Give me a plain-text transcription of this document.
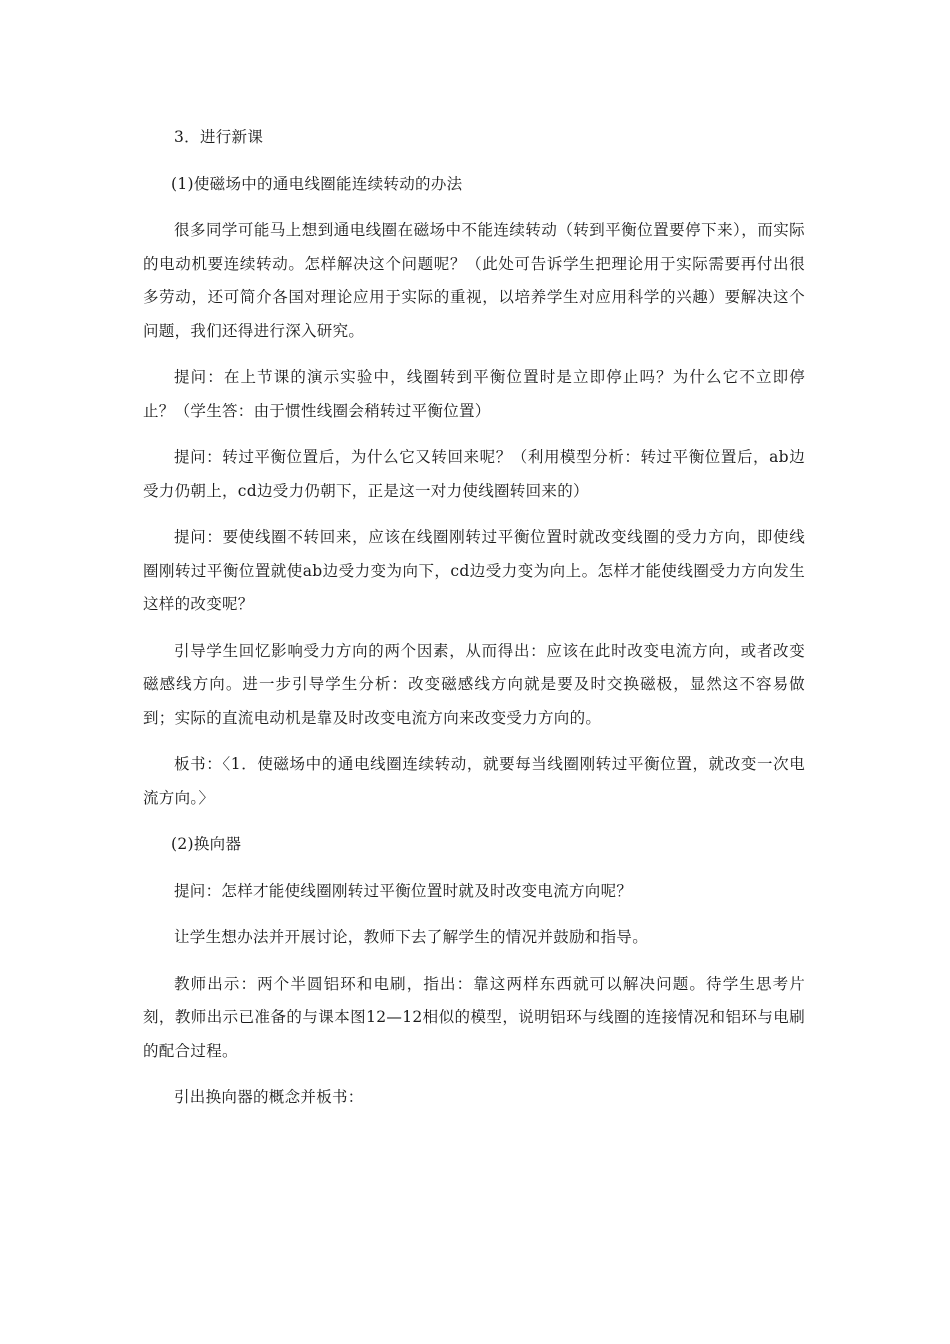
3．进行新课
(1)使磁场中的通电线圈能连续转动的办法

很多同学可能马上想到通电线圈在磁场中不能连续转动（转到平衡位置要停下来），而实际的电动机要连续转动。怎样解决这个问题呢？（此处可告诉学生把理论用于实际需要再付出很多劳动，还可简介各国对理论应用于实际的重视，以培养学生对应用科学的兴趣）要解决这个问题，我们还得进行深入研究。

提问：在上节课的演示实验中，线圈转到平衡位置时是立即停止吗？为什么它不立即停止？（学生答：由于惯性线圈会稍转过平衡位置）

提问：转过平衡位置后，为什么它又转回来呢？（利用模型分析：转过平衡位置后，ab边受力仍朝上，cd边受力仍朝下，正是这一对力使线圈转回来的）

提问：要使线圈不转回来，应该在线圈刚转过平衡位置时就改变线圈的受力方向，即使线圈刚转过平衡位置就使ab边受力变为向下，cd边受力变为向上。怎样才能使线圈受力方向发生这样的改变呢？

引导学生回忆影响受力方向的两个因素，从而得出：应该在此时改变电流方向，或者改变磁感线方向。进一步引导学生分析：改变磁感线方向就是要及时交换磁极，显然这不容易做到；实际的直流电动机是靠及时改变电流方向来改变受力方向的。

板书：〈1．使磁场中的通电线圈连续转动，就要每当线圈刚转过平衡位置，就改变一次电流方向。〉

(2)换向器

提问：怎样才能使线圈刚转过平衡位置时就及时改变电流方向呢？

让学生想办法并开展讨论，教师下去了解学生的情况并鼓励和指导。

教师出示：两个半圆铝环和电刷，指出：靠这两样东西就可以解决问题。待学生思考片刻，教师出示已准备的与课本图12—12相似的模型，说明铝环与线圈的连接情况和铝环与电刷的配合过程。

引出换向器的概念并板书：
